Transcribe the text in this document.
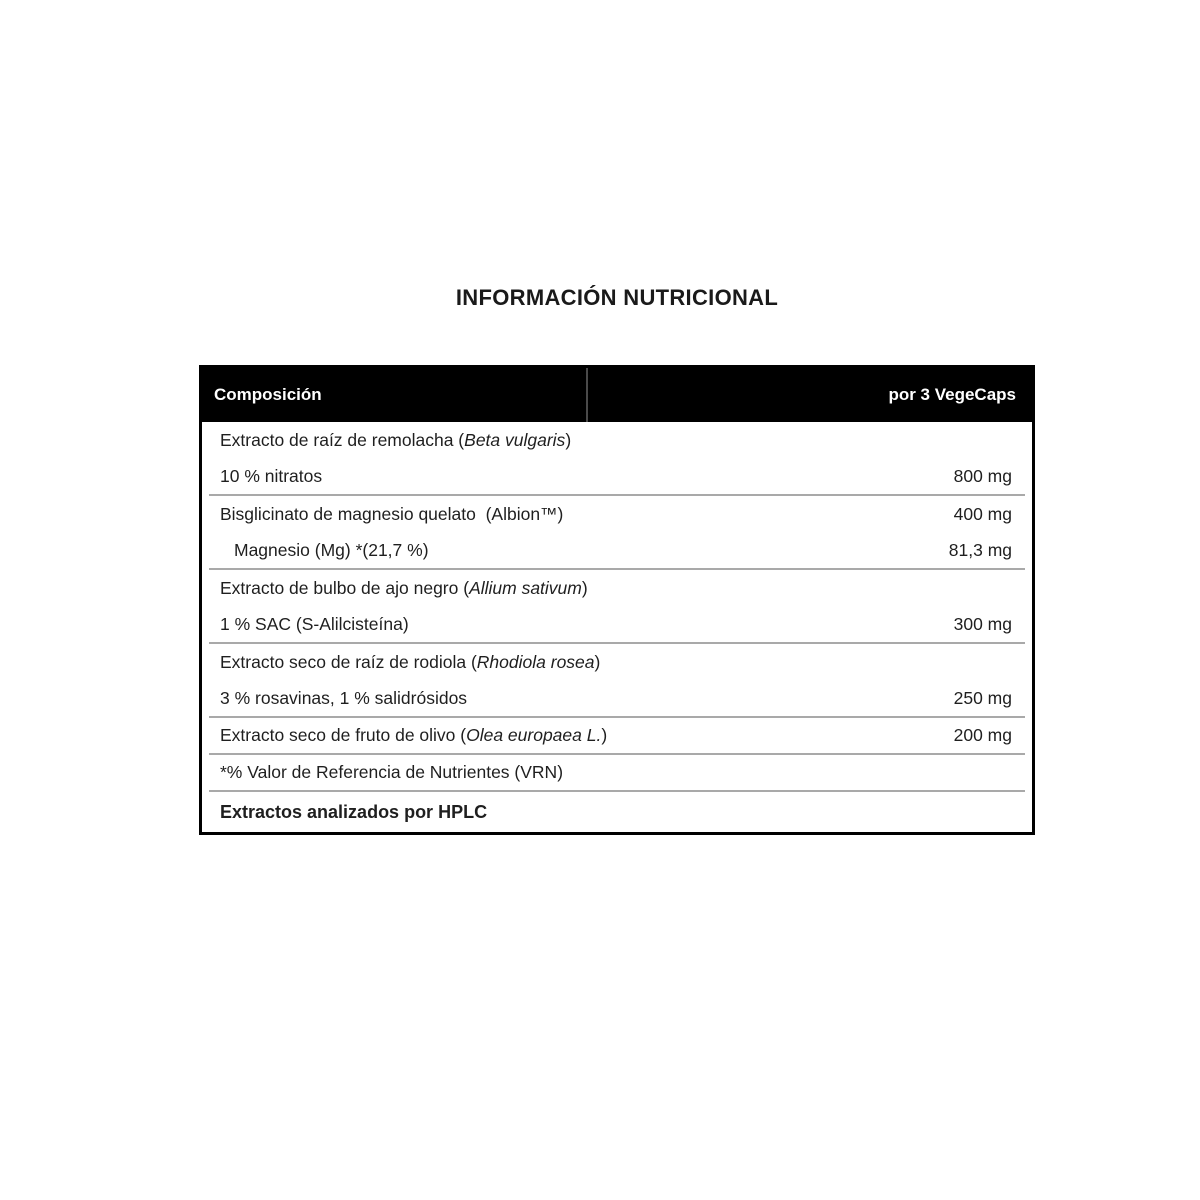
INFORMACIÓN NUTRICIONAL
Composición	por 3 VegeCaps
Extracto de raíz de remolacha (Beta vulgaris)
10 % nitratos	800 mg
Bisglicinato de magnesio quelato  (Albion™)	400 mg
Magnesio (Mg) *(21,7 %)	81,3 mg
Extracto de bulbo de ajo negro (Allium sativum)
1 % SAC (S-Alilcisteína)	300 mg
Extracto seco de raíz de rodiola (Rhodiola rosea)
3 % rosavinas, 1 % salidrósidos	250 mg
Extracto seco de fruto de olivo (Olea europaea L.)	200 mg
*% Valor de Referencia de Nutrientes (VRN)
Extractos analizados por HPLC
